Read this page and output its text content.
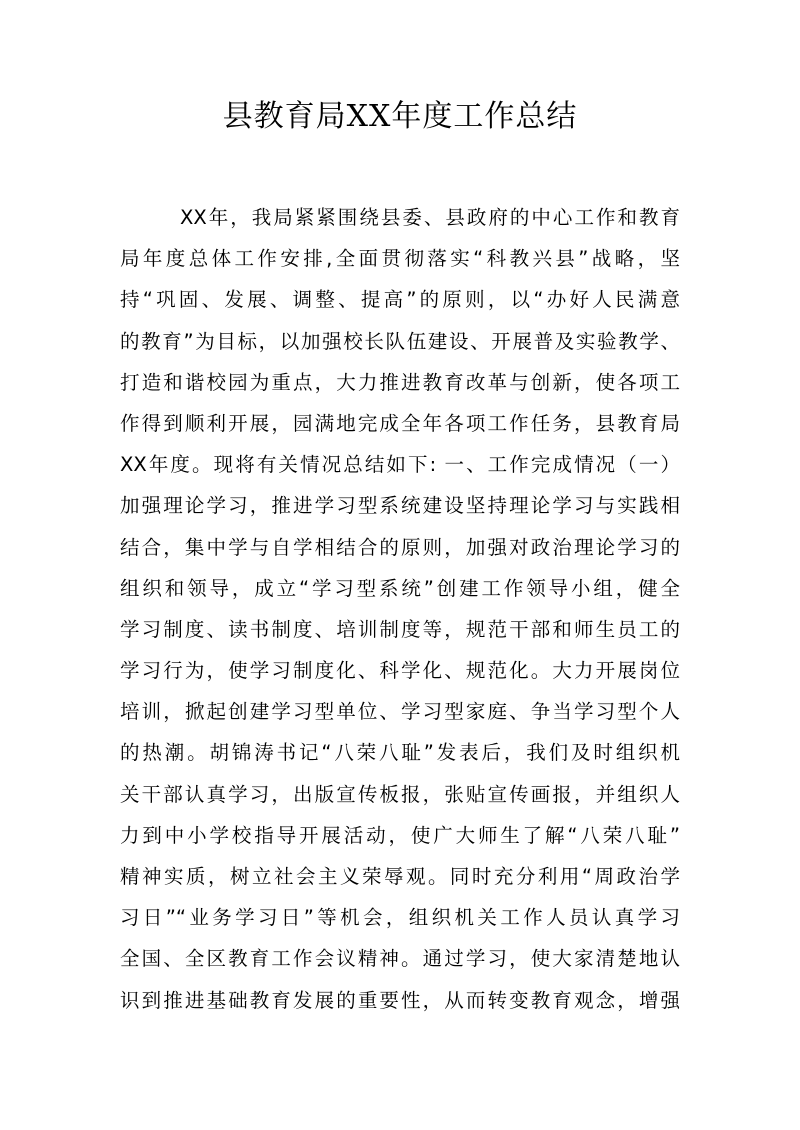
县教育局XX年度工作总结
XX年，我局紧紧围绕县委、县政府的中心工作和教育
局年度总体工作安排,全面贯彻落实“科教兴县”战略，坚
持“巩固、发展、调整、提高”的原则，以“办好人民满意
的教育”为目标，以加强校长队伍建设、开展普及实验教学、
打造和谐校园为重点，大力推进教育改革与创新，使各项工
作得到顺利开展，园满地完成全年各项工作任务，县教育局
XX年度。现将有关情况总结如下: 一、工作完成情况（一）
加强理论学习，推进学习型系统建设坚持理论学习与实践相
结合，集中学与自学相结合的原则，加强对政治理论学习的
组织和领导，成立“学习型系统”创建工作领导小组，健全
学习制度、读书制度、培训制度等，规范干部和师生员工的
学习行为，使学习制度化、科学化、规范化。大力开展岗位
培训，掀起创建学习型单位、学习型家庭、争当学习型个人
的热潮。胡锦涛书记“八荣八耻”发表后，我们及时组织机
关干部认真学习，出版宣传板报，张贴宣传画报，并组织人
力到中小学校指导开展活动，使广大师生了解“八荣八耻”
精神实质，树立社会主义荣辱观。同时充分利用“周政治学
习日”“业务学习日”等机会，组织机关工作人员认真学习
全国、全区教育工作会议精神。通过学习，使大家清楚地认
识到推进基础教育发展的重要性，从而转变教育观念，增强
